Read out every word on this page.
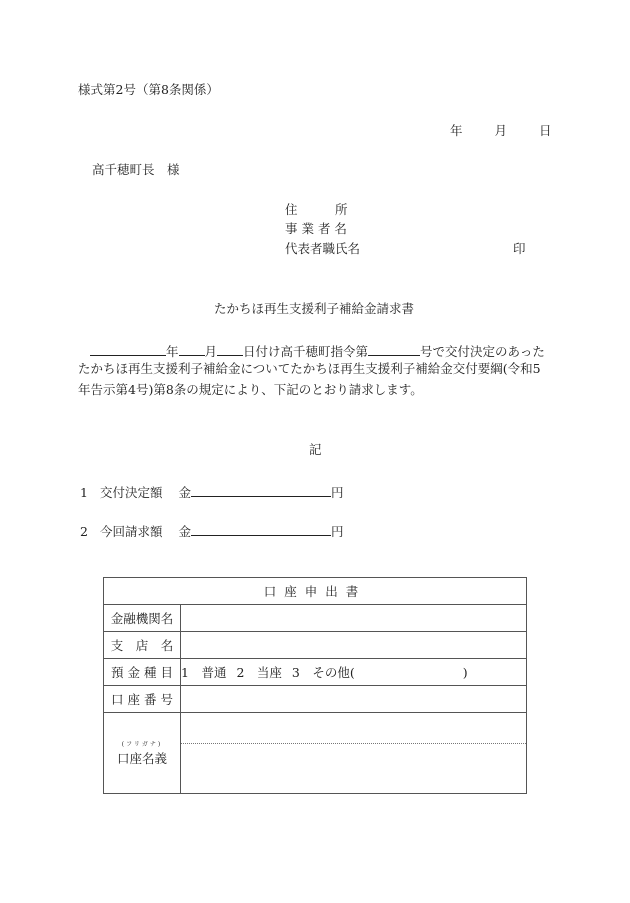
様式第2号（第8条関係）
年	月	日
高千穂町長　様
住　　　所
事 業 者 名
代表者職氏名	印
たかちほ再生支援利子補給金請求書
年 月 日付け高千穂町指令第	号で交付決定のあった
たかちほ再生支援利子補給金についてたかちほ再生支援利子補給金交付要綱(令和5
年告示第4号)第8条の規定により、下記のとおり請求します。
記
1 交付決定額 金	円
2 今回請求額 金	円
口座申出書	
金融機関名	
支　店　名	
預 金 種 目	1　普通 2　当座 3　その他( )
口 座 番 号	

(フリガナ)
口座名義	
